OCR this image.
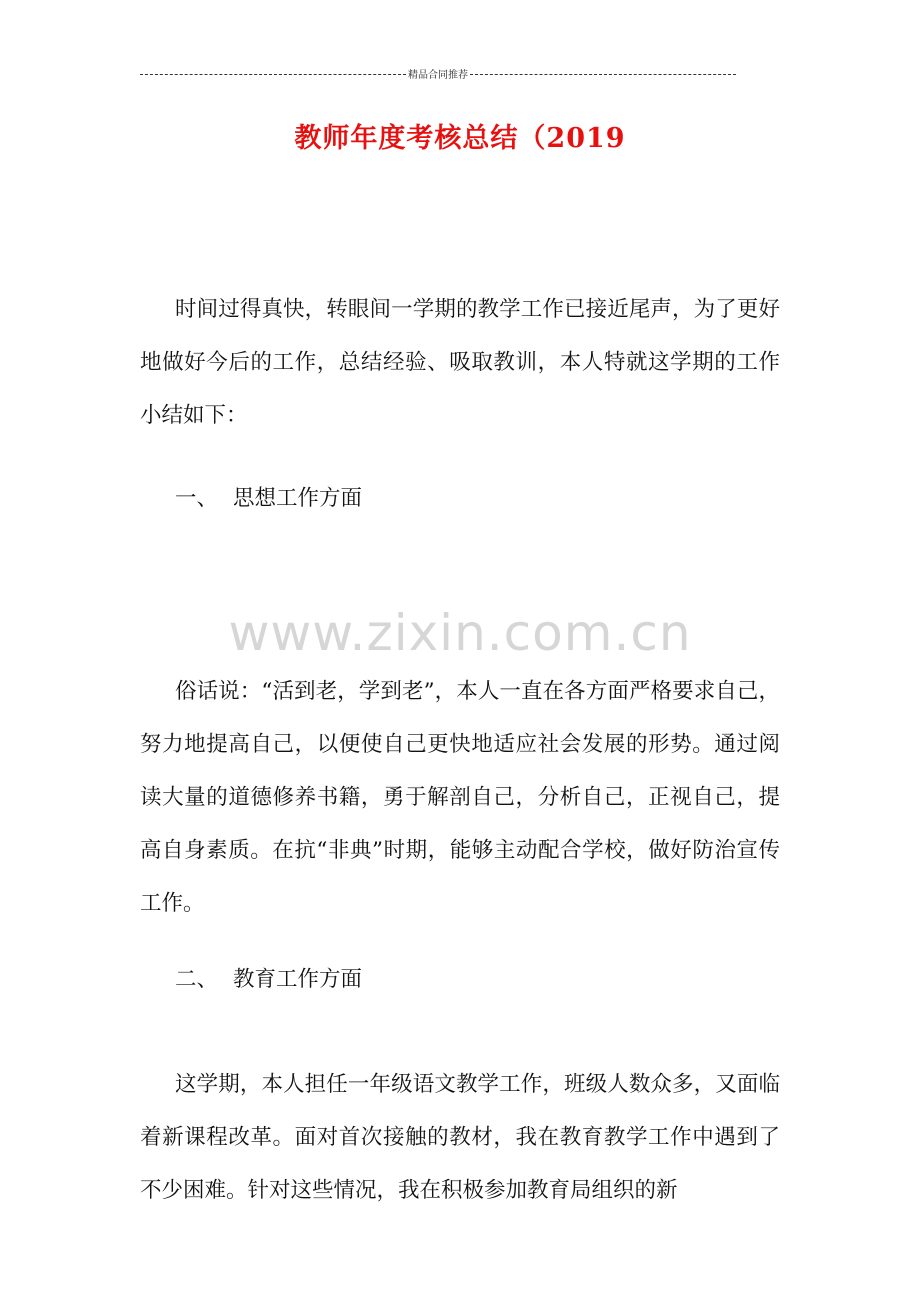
精品合同推荐
教师年度考核总结（2019

时间过得真快，转眼间一学期的教学工作已接近尾声，为了更好地做好今后的工作，总结经验、吸取教训，本人特就这学期的工作小结如下：

一、 思想工作方面

www.zixin.com.cn

俗话说：“活到老，学到老”，本人一直在各方面严格要求自己，努力地提高自己，以便使自己更快地适应社会发展的形势。通过阅读大量的道德修养书籍，勇于解剖自己，分析自己，正视自己，提高自身素质。在抗“非典”时期，能够主动配合学校，做好防治宣传工作。

二、 教育工作方面

这学期，本人担任一年级语文教学工作，班级人数众多，又面临着新课程改革。面对首次接触的教材，我在教育教学工作中遇到了不少困难。针对这些情况，我在积极参加教育局组织的新
